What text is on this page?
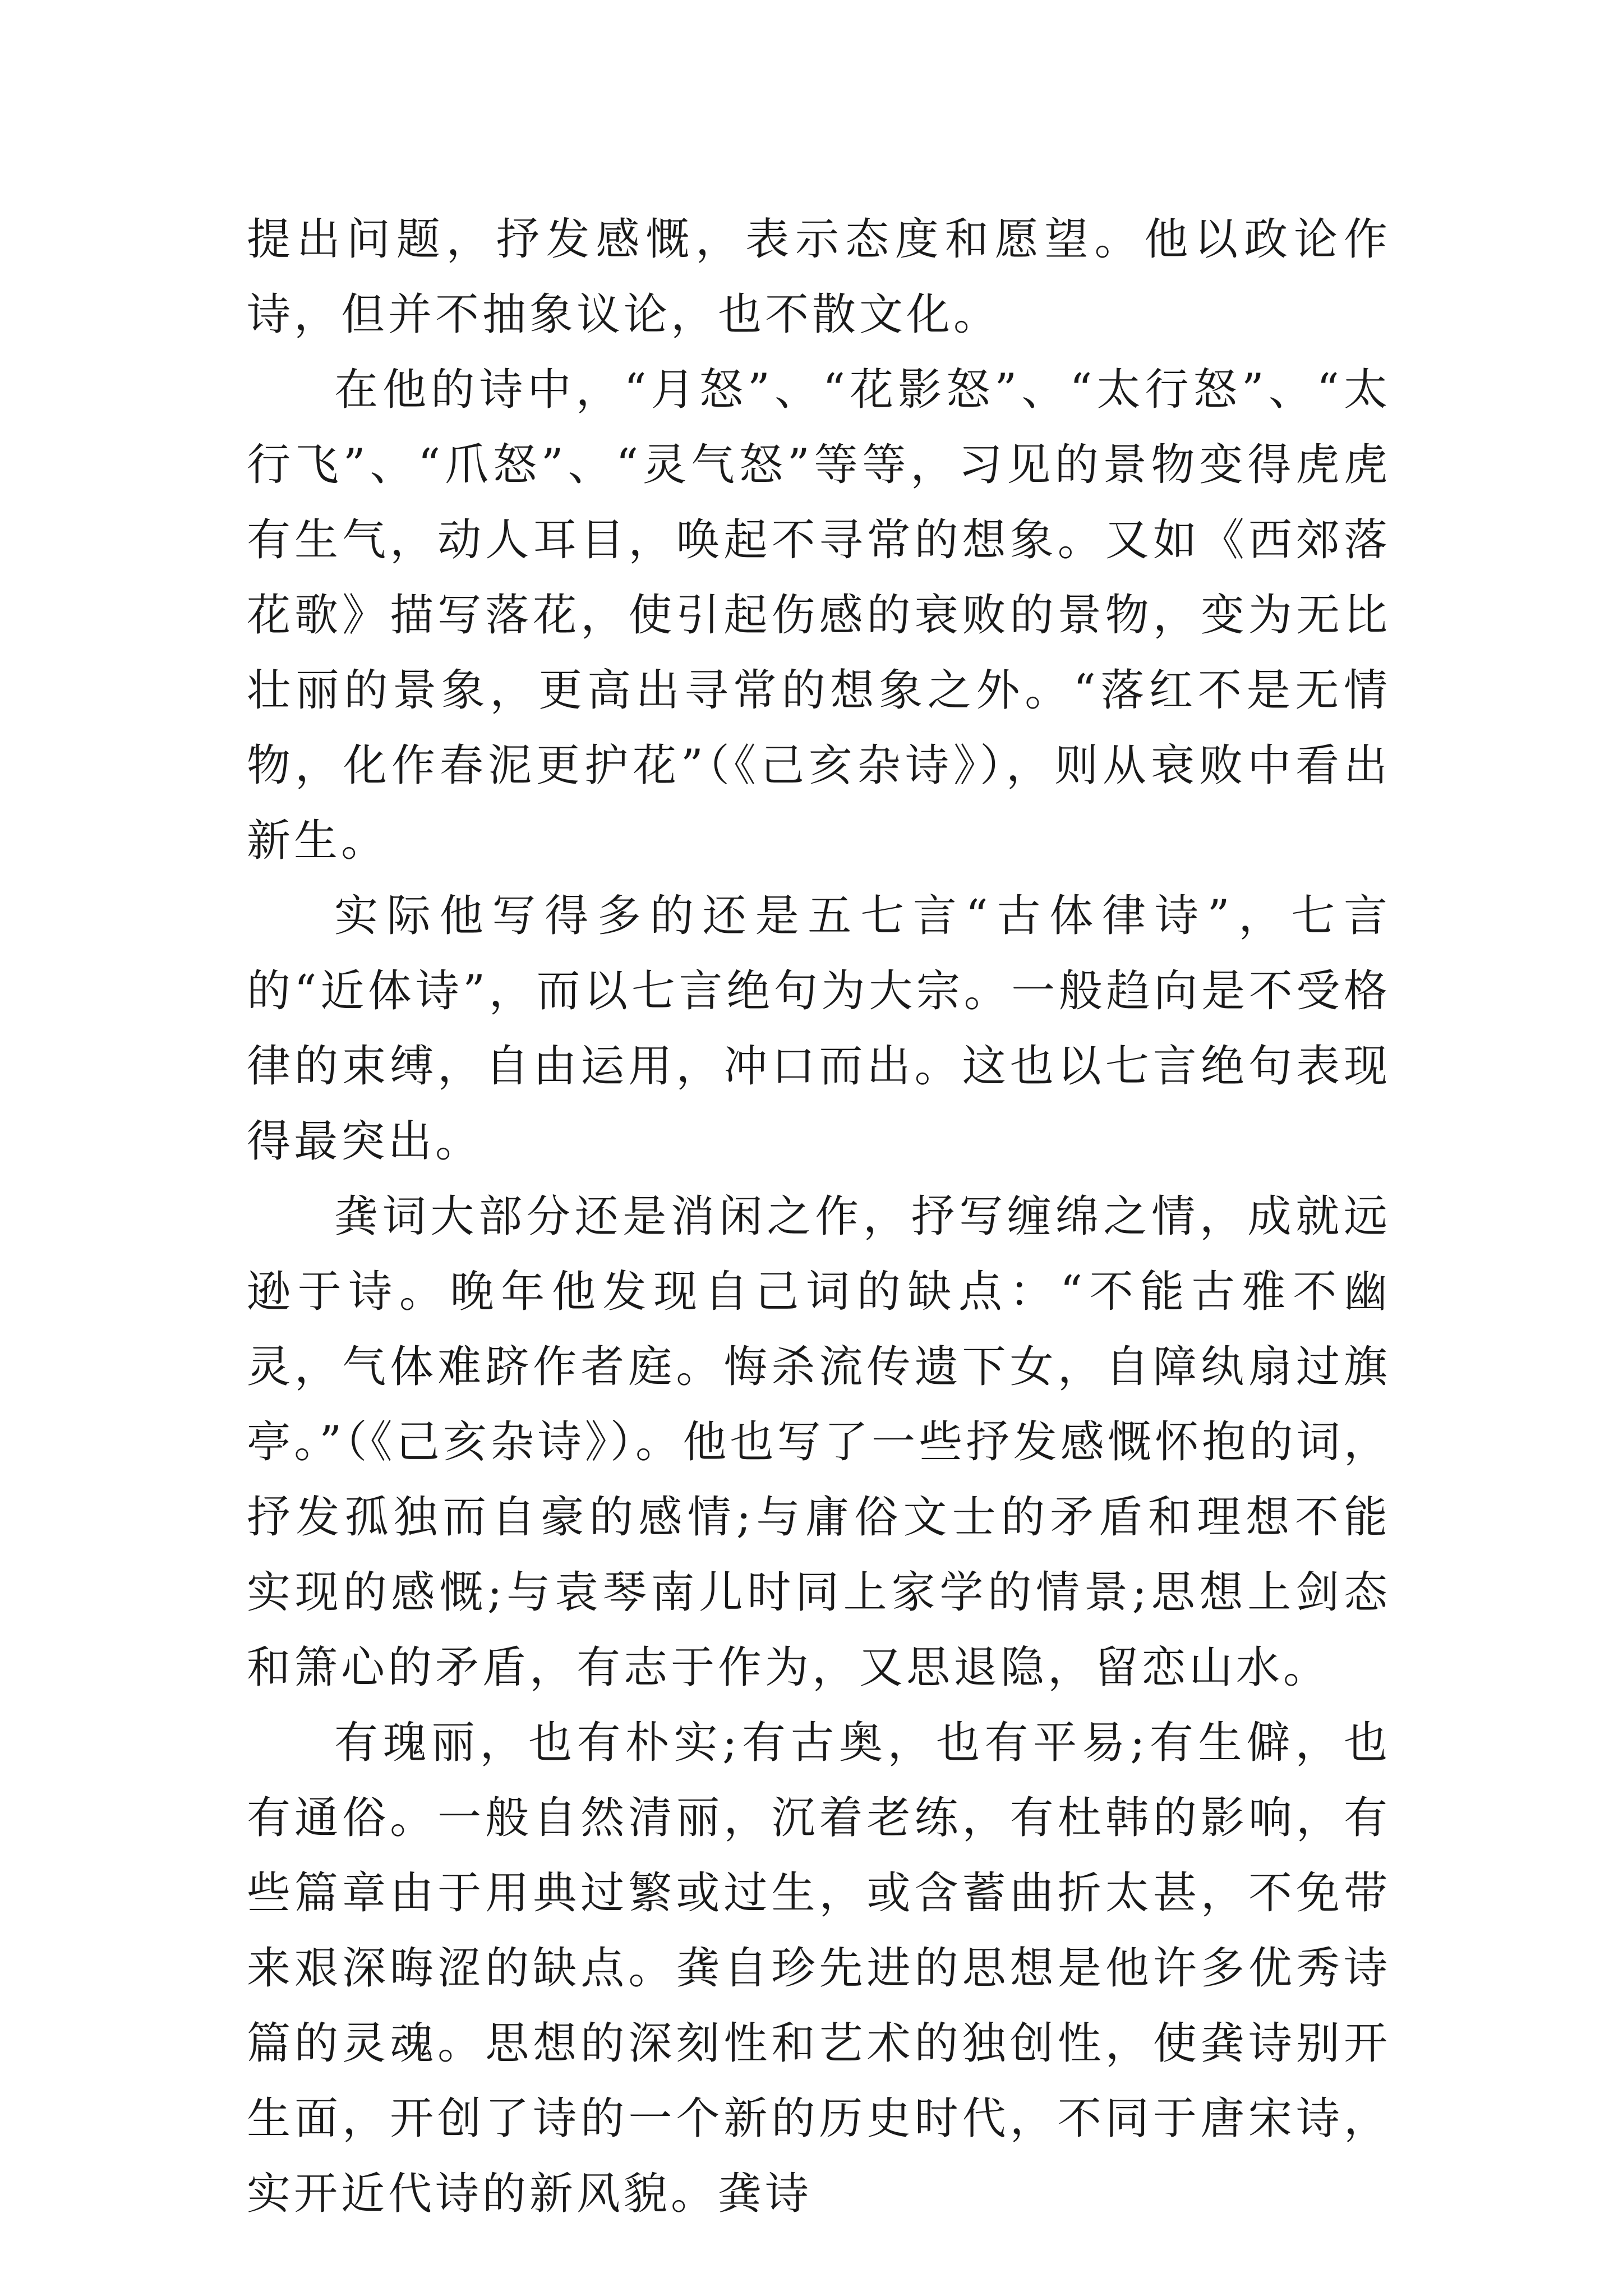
提出问题，抒发感慨，表示态度和愿望。他以政论作诗，但并不抽象议论，也不散文化。

在他的诗中，“月怒”、“花影怒”、“太行怒”、“太行飞”、“爪怒”、“灵气怒”等等，习见的景物变得虎虎有生气，动人耳目，唤起不寻常的想象。又如《西郊落花歌》描写落花，使引起伤感的衰败的景物，变为无比壮丽的景象，更高出寻常的想象之外。“落红不是无情物，化作春泥更护花”（《己亥杂诗》），则从衰败中看出新生。

实际他写得多的还是五七言“古体律诗”，七言的“近体诗”，而以七言绝句为大宗。一般趋向是不受格律的束缚，自由运用，冲口而出。这也以七言绝句表现得最突出。

龚词大部分还是消闲之作，抒写缠绵之情，成就远逊于诗。晚年他发现自己词的缺点：“不能古雅不幽灵，气体难跻作者庭。悔杀流传遗下女，自障纨扇过旗亭。”（《己亥杂诗》）。他也写了一些抒发感慨怀抱的词，抒发孤独而自豪的感情;与庸俗文士的矛盾和理想不能实现的感慨;与袁琴南儿时同上家学的情景;思想上剑态和箫心的矛盾，有志于作为，又思退隐，留恋山水。

有瑰丽，也有朴实;有古奥，也有平易;有生僻，也有通俗。一般自然清丽，沉着老练，有杜韩的影响，有些篇章由于用典过繁或过生，或含蓄曲折太甚，不免带来艰深晦涩的缺点。龚自珍先进的思想是他许多优秀诗篇的灵魂。思想的深刻性和艺术的独创性，使龚诗别开生面，开创了诗的一个新的历史时代，不同于唐宋诗，实开近代诗的新风貌。龚诗
